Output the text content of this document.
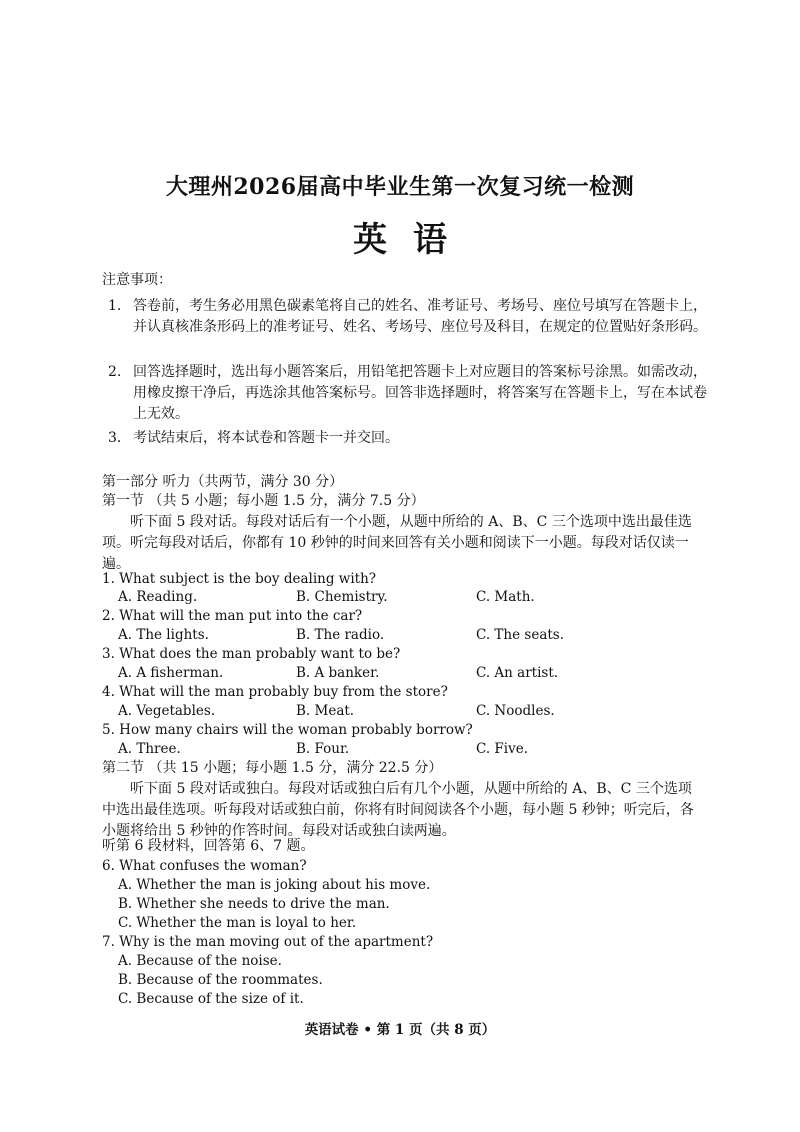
大理州2026届高中毕业生第一次复习统一检测
英语
注意事项：
1. 答卷前，考生务必用黑色碳素笔将自己的姓名、准考证号、考场号、座位号填写在答题卡上，并认真核准条形码上的准考证号、姓名、考场号、座位号及科目，在规定的位置贴好条形码。
2. 回答选择题时，选出每小题答案后，用铅笔把答题卡上对应题目的答案标号涂黑。如需改动，用橡皮擦干净后，再选涂其他答案标号。回答非选择题时，将答案写在答题卡上，写在本试卷上无效。
3. 考试结束后，将本试卷和答题卡一并交回。
第一部分 听力（共两节，满分 30 分）
第一节 （共 5 小题；每小题 1.5 分，满分 7.5 分）
听下面 5 段对话。每段对话后有一个小题，从题中所给的 A、B、C 三个选项中选出最佳选项。听完每段对话后，你都有 10 秒钟的时间来回答有关小题和阅读下一小题。每段对话仅读一遍。
1. What subject is the boy dealing with?
A. Reading.	B. Chemistry.	C. Math.
2. What will the man put into the car?
A. The lights.	B. The radio.	C. The seats.
3. What does the man probably want to be?
A. A fisherman.	B. A banker.	C. An artist.
4. What will the man probably buy from the store?
A. Vegetables.	B. Meat.	C. Noodles.
5. How many chairs will the woman probably borrow?
A. Three.	B. Four.	C. Five.
第二节 （共 15 小题；每小题 1.5 分，满分 22.5 分）
听下面 5 段对话或独白。每段对话或独白后有几个小题，从题中所给的 A、B、C 三个选项中选出最佳选项。听每段对话或独白前，你将有时间阅读各个小题，每小题 5 秒钟；听完后，各小题将给出 5 秒钟的作答时间。每段对话或独白读两遍。
听第 6 段材料，回答第 6、7 题。
6. What confuses the woman?
A. Whether the man is joking about his move.
B. Whether she needs to drive the man.
C. Whether the man is loyal to her.
7. Why is the man moving out of the apartment?
A. Because of the noise.
B. Because of the roommates.
C. Because of the size of it.
英语试卷 • 第 1 页（共 8 页）
